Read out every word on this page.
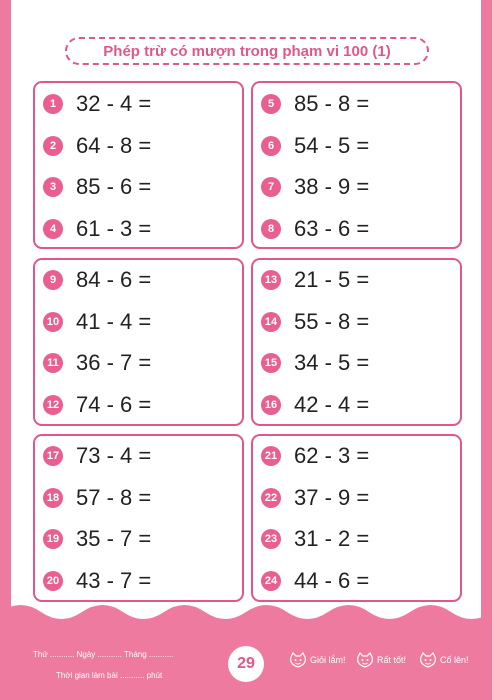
Phép trừ có mượn trong phạm vi 100 (1)
1 32 - 4 =
2 64 - 8 =
3 85 - 6 =
4 61 - 3 =
5 85 - 8 =
6 54 - 5 =
7 38 - 9 =
8 63 - 6 =
9 84 - 6 =
10 41 - 4 =
11 36 - 7 =
12 74 - 6 =
13 21 - 5 =
14 55 - 8 =
15 34 - 5 =
16 42 - 4 =
17 73 - 4 =
18 57 - 8 =
19 35 - 7 =
20 43 - 7 =
21 62 - 3 =
22 37 - 9 =
23 31 - 2 =
24 44 - 6 =
Thứ ........... Ngày ........... Tháng ...........
Thời gian làm bài ........... phút
29	Giỏi lắm!	Rất tốt!	Cố lên!
